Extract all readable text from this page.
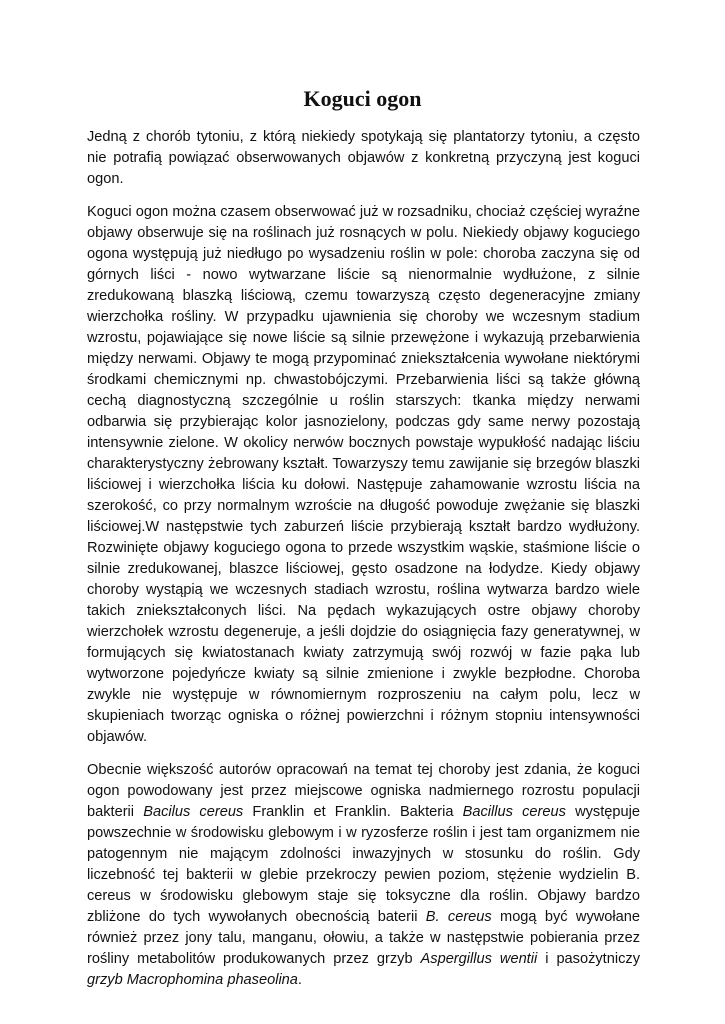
Koguci ogon

Jedną z chorób tytoniu, z którą niekiedy spotykają się plantatorzy tytoniu, a często nie potrafią powiązać obserwowanych objawów z konkretną przyczyną jest koguci ogon.

Koguci ogon można czasem obserwować już w rozsadniku, chociaż częściej wyraźne objawy obserwuje się na roślinach już rosnących w polu. Niekiedy objawy koguciego ogona występują już niedługo po wysadzeniu roślin w pole: choroba zaczyna się od górnych liści - nowo wytwarzane liście są nienormalnie wydłużone, z silnie zredukowaną blaszką liściową, czemu towarzyszą często degeneracyjne zmiany wierzchołka rośliny. W przypadku ujawnienia się choroby we wczesnym stadium wzrostu, pojawiające się nowe liście są silnie przewężone i wykazują przebarwienia między nerwami. Objawy te mogą przypominać zniekształcenia wywołane niektórymi środkami chemicznymi np. chwastobójczymi. Przebarwienia liści są także główną cechą diagnostyczną szczególnie u roślin starszych: tkanka między nerwami odbarwia się przybierając kolor jasnozielony, podczas gdy same nerwy pozostają intensywnie zielone. W okolicy nerwów bocznych powstaje wypukłość nadając liściu charakterystyczny żebrowany kształt. Towarzyszy temu zawijanie się brzegów blaszki liściowej i wierzchołka liścia ku dołowi. Następuje zahamowanie wzrostu liścia na szerokość, co przy normalnym wzroście na długość powoduje zwężanie się blaszki liściowej.W następstwie tych zaburzeń liście przybierają kształt bardzo wydłużony. Rozwinięte objawy koguciego ogona to przede wszystkim wąskie, staśmione liście o silnie zredukowanej, blaszce liściowej, gęsto osadzone na łodydze. Kiedy objawy choroby wystąpią we wczesnych stadiach wzrostu, roślina wytwarza bardzo wiele takich zniekształconych liści. Na pędach wykazujących ostre objawy choroby wierzchołek wzrostu degeneruje, a jeśli dojdzie do osiągnięcia fazy generatywnej, w formujących się kwiatostanach kwiaty zatrzymują swój rozwój w fazie pąka lub wytworzone pojedyńcze kwiaty są silnie zmienione i zwykle bezpłodne. Choroba zwykle nie występuje w równomiernym rozproszeniu na całym polu, lecz w skupieniach tworząc ogniska o różnej powierzchni i różnym stopniu intensywności objawów.

Obecnie większość autorów opracowań na temat tej choroby jest zdania, że koguci ogon powodowany jest przez miejscowe ogniska nadmiernego rozrostu populacji bakterii Bacilus cereus Franklin et Franklin. Bakteria Bacillus cereus występuje powszechnie w środowisku glebowym i w ryzosferze roślin i jest tam organizmem nie patogennym nie mającym zdolności inwazyjnych w stosunku do roślin. Gdy liczebność tej bakterii w glebie przekroczy pewien poziom, stężenie wydzielin B. cereus w środowisku glebowym staje się toksyczne dla roślin. Objawy bardzo zbliżone do tych wywołanych obecnością baterii B. cereus mogą być wywołane również przez jony talu, manganu, ołowiu, a także w następstwie pobierania przez rośliny metabolitów produkowanych przez grzyb Aspergillus wentii i pasożytniczy grzyb Macrophomina phaseolina.
